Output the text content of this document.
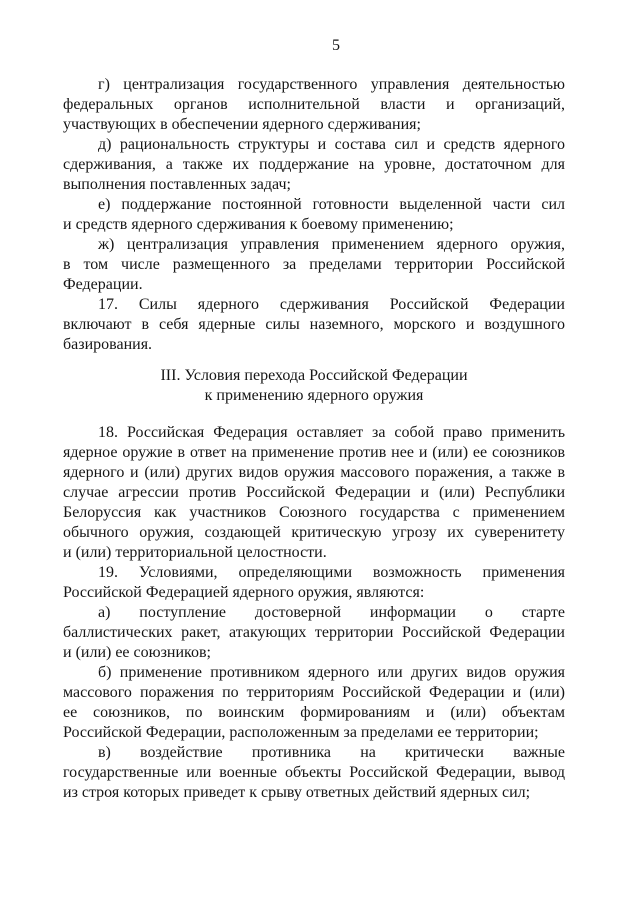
5
г) централизация государственного управления деятельностью
федеральных органов исполнительной власти и организаций,
участвующих в обеспечении ядерного сдерживания;
д) рациональность структуры и состава сил и средств ядерного
сдерживания, а также их поддержание на уровне, достаточном для
выполнения поставленных задач;
е) поддержание постоянной готовности выделенной части сил
и средств ядерного сдерживания к боевому применению;
ж) централизация управления применением ядерного оружия,
в том числе размещенного за пределами территории Российской
Федерации.
17. Силы ядерного сдерживания Российской Федерации
включают в себя ядерные силы наземного, морского и воздушного
базирования.
III. Условия перехода Российской Федерации
к применению ядерного оружия
18. Российская Федерация оставляет за собой право применить
ядерное оружие в ответ на применение против нее и (или) ее союзников
ядерного и (или) других видов оружия массового поражения, а также в
случае агрессии против Российской Федерации и (или) Республики
Белоруссия как участников Союзного государства с применением
обычного оружия, создающей критическую угрозу их суверенитету
и (или) территориальной целостности.
19. Условиями, определяющими возможность применения
Российской Федерацией ядерного оружия, являются:
а) поступление достоверной информации о старте
баллистических ракет, атакующих территории Российской Федерации
и (или) ее союзников;
б) применение противником ядерного или других видов оружия
массового поражения по территориям Российской Федерации и (или)
ее союзников, по воинским формированиям и (или) объектам
Российской Федерации, расположенным за пределами ее территории;
в) воздействие противника на критически важные
государственные или военные объекты Российской Федерации, вывод
из строя которых приведет к срыву ответных действий ядерных сил;
